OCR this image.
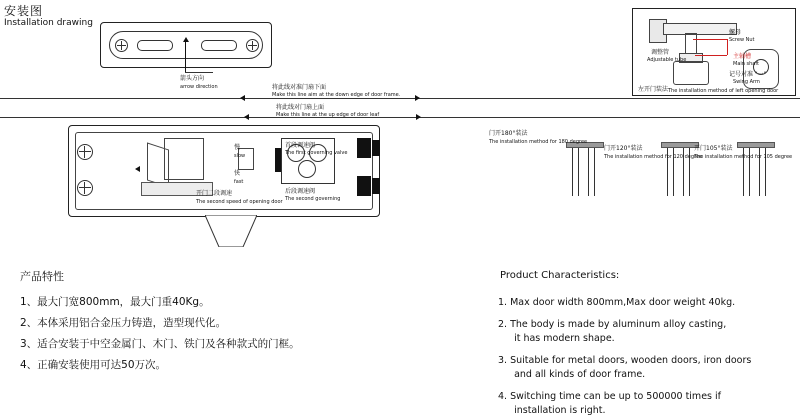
安装图
Installation drawing
箭头方向
arrow direction	将此线对准门扇下面
Make this line aim at the down edge of door frame.
将此线对门扇上面
Make this line at the up edge of door leaf
慢
slow
快
fast
首段调速阀
The first governing valve
后段调速阀
The second governing
开门二段调速
The second speed of opening door
螺母
Screw Nut
调整管
Adjustable tube	主轴槽
Main shaft
记号对准 "一"
Swing Arm
左开门装法 The installation method of left opening door
门开180°装法
The installation method for 180 degree
门开120°装法
The installation method for 120 degree
开门105°装法
The installation method for 105 degree
产品特性
1、最大门宽800mm，最大门重40Kg。
2、本体采用铝合金压力铸造，造型现代化。
3、适合安装于中空金属门、木门、铁门及各种款式的门框。
4、正确安装使用可达50万次。
Product Characteristics:
1. Max door width 800mm,Max door weight 40kg.
2. The body is made by aluminum alloy casting,
it has modern shape.
3. Suitable for metal doors, wooden doors, iron doors
and all kinds of door frame.
4. Switching time can be up to 500000 times if
installation is right.
